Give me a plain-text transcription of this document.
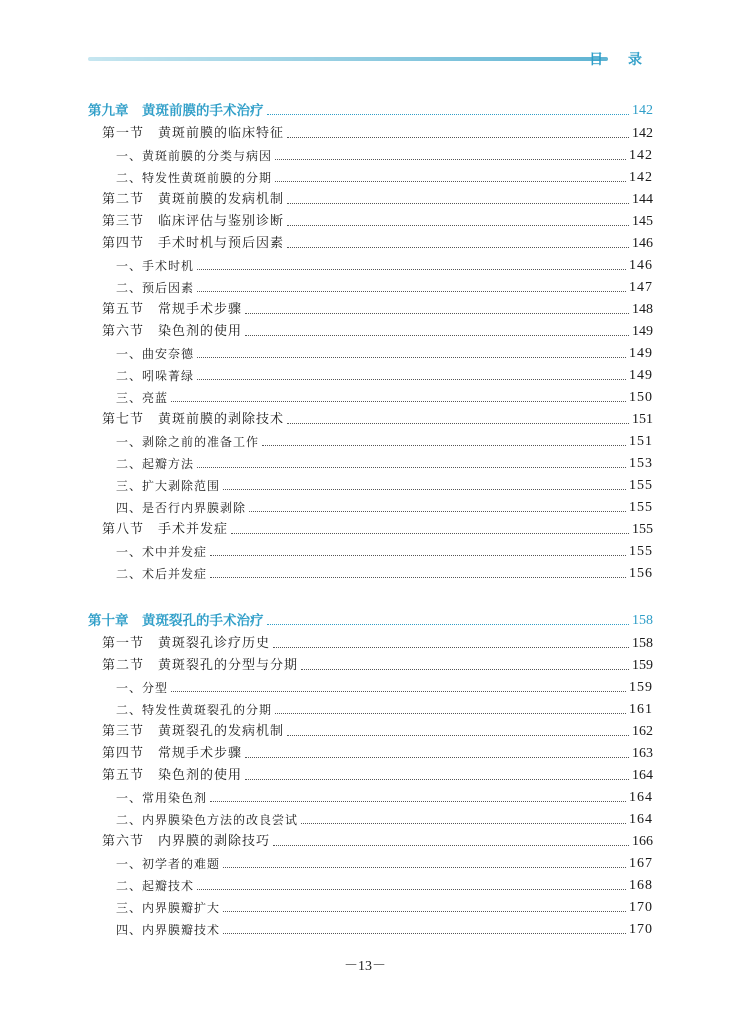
目 录
第九章　黄斑前膜的手术治疗	142
第一节　黄斑前膜的临床特征	142
一、黄斑前膜的分类与病因	142
二、特发性黄斑前膜的分期	142
第二节　黄斑前膜的发病机制	144
第三节　临床评估与鉴别诊断	145
第四节　手术时机与预后因素	146
一、手术时机	146
二、预后因素	147
第五节　常规手术步骤	148
第六节　染色剂的使用	149
一、曲安奈德	149
二、吲哚菁绿	149
三、亮蓝	150
第七节　黄斑前膜的剥除技术	151
一、剥除之前的准备工作	151
二、起瓣方法	153
三、扩大剥除范围	155
四、是否行内界膜剥除	155
第八节　手术并发症	155
一、术中并发症	155
二、术后并发症	156
第十章　黄斑裂孔的手术治疗	158
第一节　黄斑裂孔诊疗历史	158
第二节　黄斑裂孔的分型与分期	159
一、分型	159
二、特发性黄斑裂孔的分期	161
第三节　黄斑裂孔的发病机制	162
第四节　常规手术步骤	163
第五节　染色剂的使用	164
一、常用染色剂	164
二、内界膜染色方法的改良尝试	164
第六节　内界膜的剥除技巧	166
一、初学者的难题	167
二、起瓣技术	168
三、内界膜瓣扩大	170
四、内界膜瓣技术	170
－13－
